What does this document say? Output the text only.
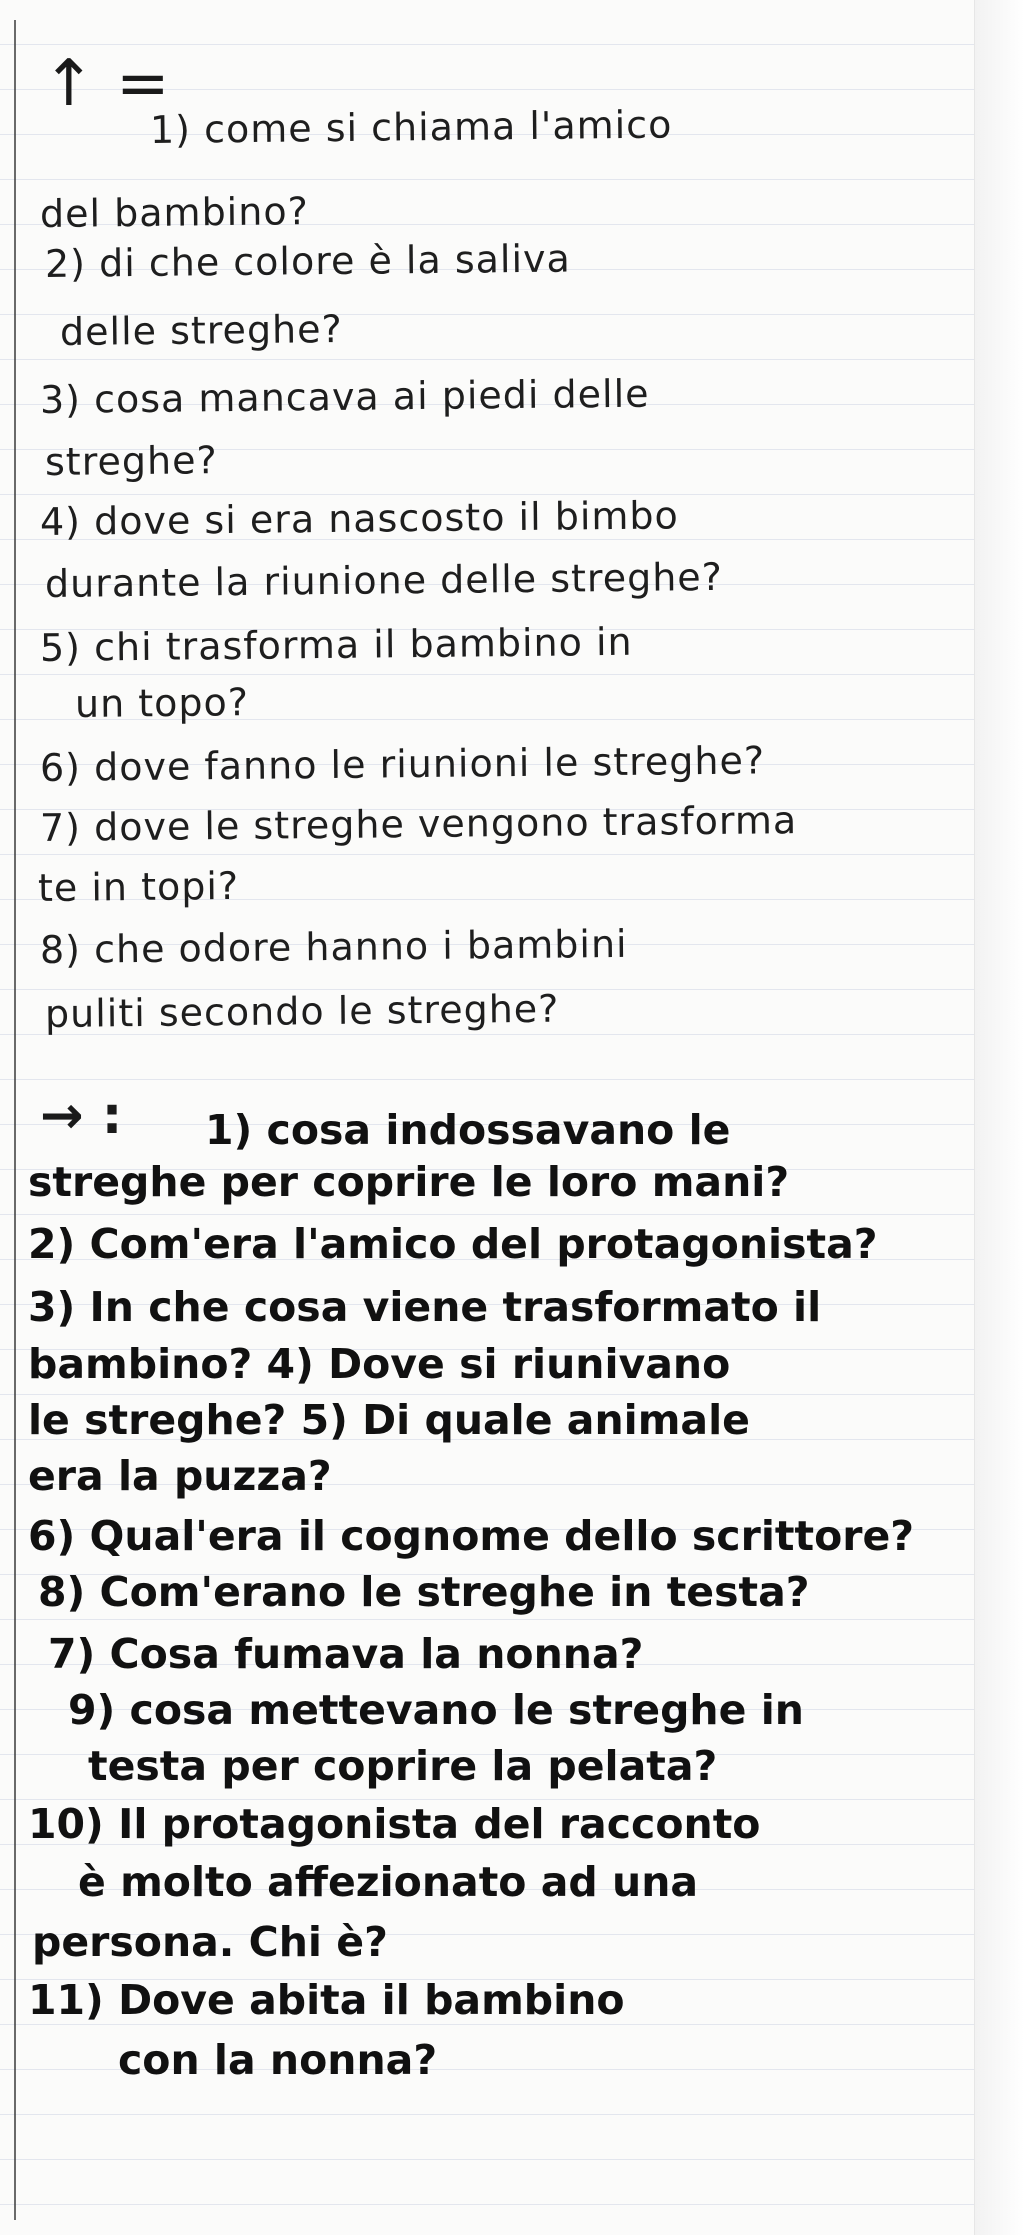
↑ =
1) come si chiama l'amico
del bambino?
2) di che colore è la saliva
delle streghe?
3) cosa mancava ai piedi delle
streghe?
4) dove si era nascosto il bimbo
durante la riunione delle streghe?
5) chi trasforma il bambino in
un topo?
6) dove fanno le riunioni le streghe?
7) dove le streghe vengono trasforma
te in topi?
8) che odore hanno i bambini
puliti secondo le streghe?
→ : 1) cosa indossavano le
streghe per coprire le loro mani?
2) Com'era l'amico del protagonista?
3) In che cosa viene trasformato il
bambino? 4) Dove si riunivano
le streghe? 5) Di quale animale
era la puzza?
6) Qual'era il cognome dello scrittore?
8) Com'erano le streghe in testa?
7) Cosa fumava la nonna?
9) cosa mettevano le streghe in
testa per coprire la pelata?
10) Il protagonista del racconto
è molto affezionato ad una
persona. Chi è?
11) Dove abita il bambino
con la nonna?
